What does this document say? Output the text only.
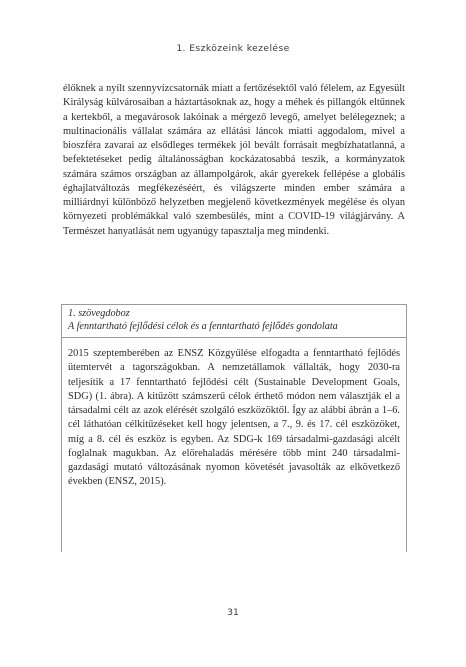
1. Eszközeink kezelése

élőknek a nyílt szennyvízcsatornák miatt a fertőzésektől való félelem, az Egyesült Királyság külvárosaiban a háztartásoknak az, hogy a méhek és pillangók eltűnnek a kertekből, a megavárosok lakóinak a mérgező levegő, amelyet belélegeznek; a multinacionális vállalat számára az ellátási láncok miatti aggodalom, mivel a bioszféra zavarai az elsődleges termékek jól bevált forrásait megbízhatatlanná, a befektetéseket pedig általánosságban kockázatosabbá teszik, a kormányzatok számára számos országban az állampolgárok, akár gyerekek fellépése a globális éghajlatváltozás megfékezéséért, és világszerte minden ember számára a milliárdnyi különböző helyzetben megjelenő következmények megélése és olyan környezeti problémákkal való szembesülés, mint a COVID-19 világjárvány. A Természet hanyatlását nem ugyanúgy tapasztalja meg mindenki.

1. szövegdoboz
A fenntartható fejlődési célok és a fenntartható fejlődés gondolata

2015 szeptemberében az ENSZ Közgyűlése elfogadta a fenntartható fejlődés ütemtervét a tagországokban. A nemzetállamok vállalták, hogy 2030-ra teljesítik a 17 fenntartható fejlődési célt (Sustainable Development Goals, SDG) (1. ábra). A kitűzött számszerű célok érthető módon nem választják el a társadalmi célt az azok elérését szolgáló eszközöktől. Így az alábbi ábrán a 1–6. cél láthatóan célkitűzéseket kell hogy jelentsen, a 7., 9. és 17. cél eszközöket, míg a 8. cél és eszköz is egyben. Az SDG-k 169 társadalmi-gazdasági alcélt foglalnak magukban. Az előrehaladás mérésére több mint 240 társadalmi-gazdasági mutató változásának nyomon követését javasolták az elkövetkező években (ENSZ, 2015).

31
